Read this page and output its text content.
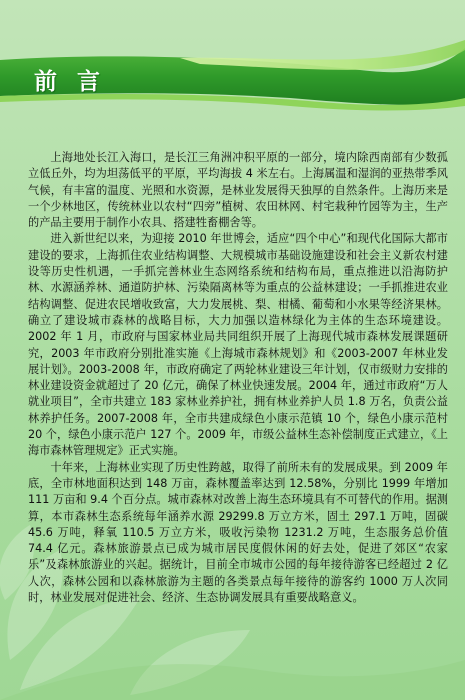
前 言

上海地处长江入海口，是长江三角洲冲积平原的一部分，境内除西南部有少数孤立低丘外，均为坦荡低平的平原，平均海拔 4 米左右。上海属温和湿润的亚热带季风气候，有丰富的温度、光照和水资源，是林业发展得天独厚的自然条件。上海历来是一个少林地区，传统林业以农村“四旁”植树、农田林网、村宅栽种竹园等为主，生产的产品主要用于制作小农具、搭建牲畜棚舍等。

进入新世纪以来，为迎接 2010 年世博会，适应“四个中心”和现代化国际大都市建设的要求，上海抓住农业结构调整、大规模城市基础设施建设和社会主义新农村建设等历史性机遇，一手抓完善林业生态网络系统和结构布局，重点推进以沿海防护林、水源涵养林、通道防护林、污染隔离林等为重点的公益林建设；一手抓推进农业结构调整、促进农民增收致富，大力发展桃、梨、柑橘、葡萄和小水果等经济果林。确立了建设城市森林的战略目标，大力加强以造林绿化为主体的生态环境建设。2002 年 1 月，市政府与国家林业局共同组织开展了上海现代城市森林发展课题研究，2003 年市政府分别批准实施《上海城市森林规划》和《2003-2007 年林业发展计划》。2003-2008 年，市政府确定了两轮林业建设三年计划，仅市级财力安排的林业建设资金就超过了 20 亿元，确保了林业快速发展。2004 年，通过市政府“万人就业项目”，全市共建立 183 家林业养护社，拥有林业养护人员 1.8 万名，负责公益林养护任务。2007-2008 年，全市共建成绿色小康示范镇 10 个，绿色小康示范村 20 个，绿色小康示范户 127 个。2009 年，市级公益林生态补偿制度正式建立，《上海市森林管理规定》正式实施。

十年来，上海林业实现了历史性跨越，取得了前所未有的发展成果。到 2009 年底，全市林地面积达到 148 万亩，森林覆盖率达到 12.58%，分别比 1999 年增加 111 万亩和 9.4 个百分点。城市森林对改善上海生态环境具有不可替代的作用。据测算，本市森林生态系统每年涵养水源 29299.8 万立方米，固土 297.1 万吨，固碳 45.6 万吨，释氧 110.5 万立方米，吸收污染物 1231.2 万吨，生态服务总价值 74.4 亿元。森林旅游景点已成为城市居民度假休闲的好去处，促进了郊区“农家乐”及森林旅游业的兴起。据统计，目前全市城市公园的每年接待游客已经超过 2 亿人次，森林公园和以森林旅游为主题的各类景点每年接待的游客约 1000 万人次同时，林业发展对促进社会、经济、生态协调发展具有重要战略意义。
